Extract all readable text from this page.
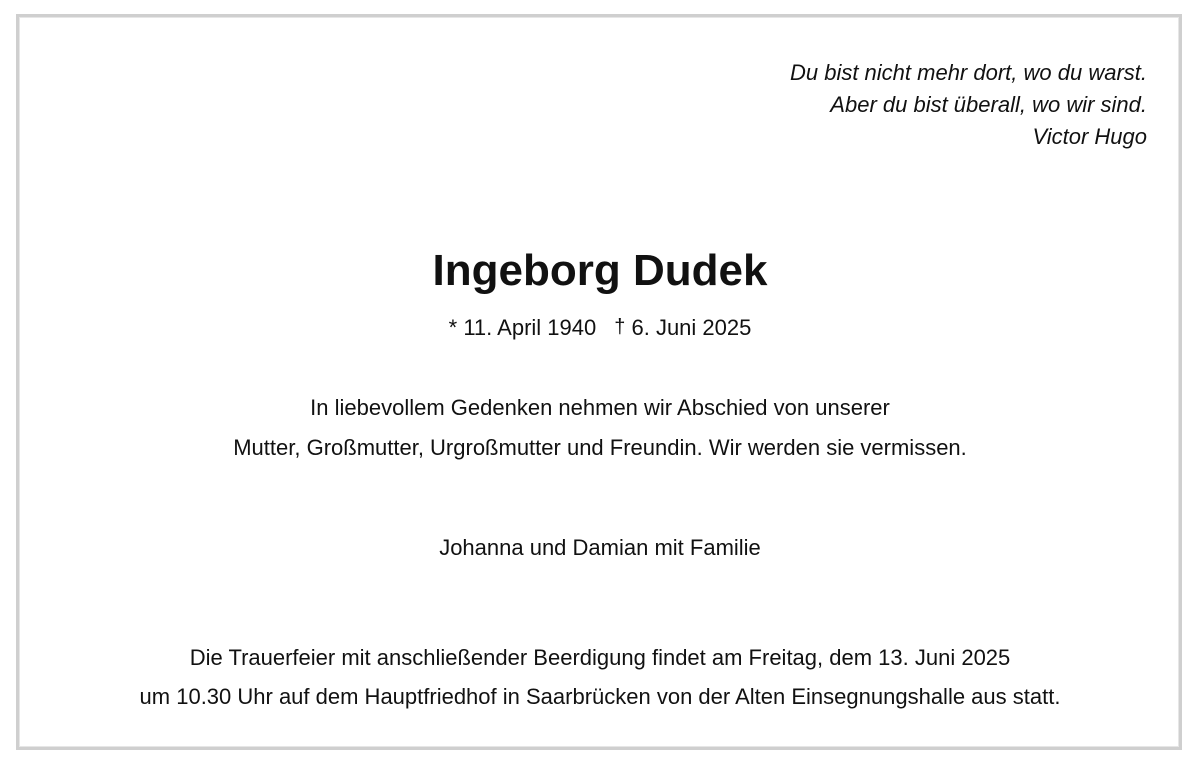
Du bist nicht mehr dort, wo du warst.
Aber du bist überall, wo wir sind.
Victor Hugo
Ingeborg Dudek
* 11. April 1940 † 6. Juni 2025
In liebevollem Gedenken nehmen wir Abschied von unserer
Mutter, Großmutter, Urgroßmutter und Freundin. Wir werden sie vermissen.
Johanna und Damian mit Familie
Die Trauerfeier mit anschließender Beerdigung findet am Freitag, dem 13. Juni 2025
um 10.30 Uhr auf dem Hauptfriedhof in Saarbrücken von der Alten Einsegnungshalle aus statt.
